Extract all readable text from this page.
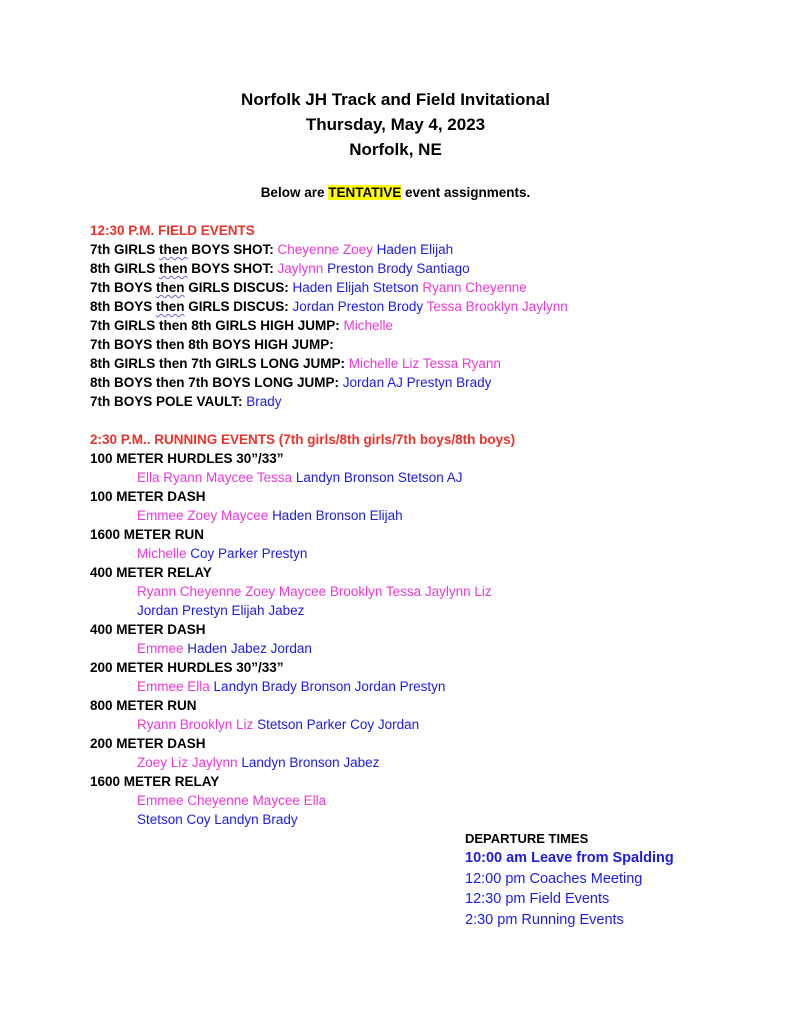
Norfolk JH Track and Field Invitational
Thursday, May 4, 2023
Norfolk, NE
Below are TENTATIVE event assignments.
12:30 P.M. FIELD EVENTS
7th GIRLS then BOYS SHOT: Cheyenne Zoey Haden Elijah
8th GIRLS then BOYS SHOT: Jaylynn Preston Brody Santiago
7th BOYS then GIRLS DISCUS: Haden Elijah Stetson Ryann Cheyenne
8th BOYS then GIRLS DISCUS: Jordan Preston Brody Tessa Brooklyn Jaylynn
7th GIRLS then 8th GIRLS HIGH JUMP: Michelle
7th BOYS then 8th BOYS HIGH JUMP:
8th GIRLS then 7th GIRLS LONG JUMP: Michelle Liz Tessa Ryann
8th BOYS then 7th BOYS LONG JUMP: Jordan AJ Prestyn Brady
7th BOYS POLE VAULT: Brady
2:30 P.M.. RUNNING EVENTS (7th girls/8th girls/7th boys/8th boys)
100 METER HURDLES 30”/33”
Ella Ryann Maycee Tessa Landyn Bronson Stetson AJ
100 METER DASH
Emmee Zoey Maycee Haden Bronson Elijah
1600 METER RUN
Michelle Coy Parker Prestyn
400 METER RELAY
Ryann Cheyenne Zoey Maycee Brooklyn Tessa Jaylynn Liz
Jordan Prestyn Elijah Jabez
400 METER DASH
Emmee Haden Jabez Jordan
200 METER HURDLES 30”/33”
Emmee Ella Landyn Brady Bronson Jordan Prestyn
800 METER RUN
Ryann Brooklyn Liz Stetson Parker Coy Jordan
200 METER DASH
Zoey Liz Jaylynn Landyn Bronson Jabez
1600 METER RELAY
Emmee Cheyenne Maycee Ella
Stetson Coy Landyn Brady
DEPARTURE TIMES
10:00 am Leave from Spalding
12:00 pm Coaches Meeting
12:30 pm Field Events
2:30 pm Running Events
